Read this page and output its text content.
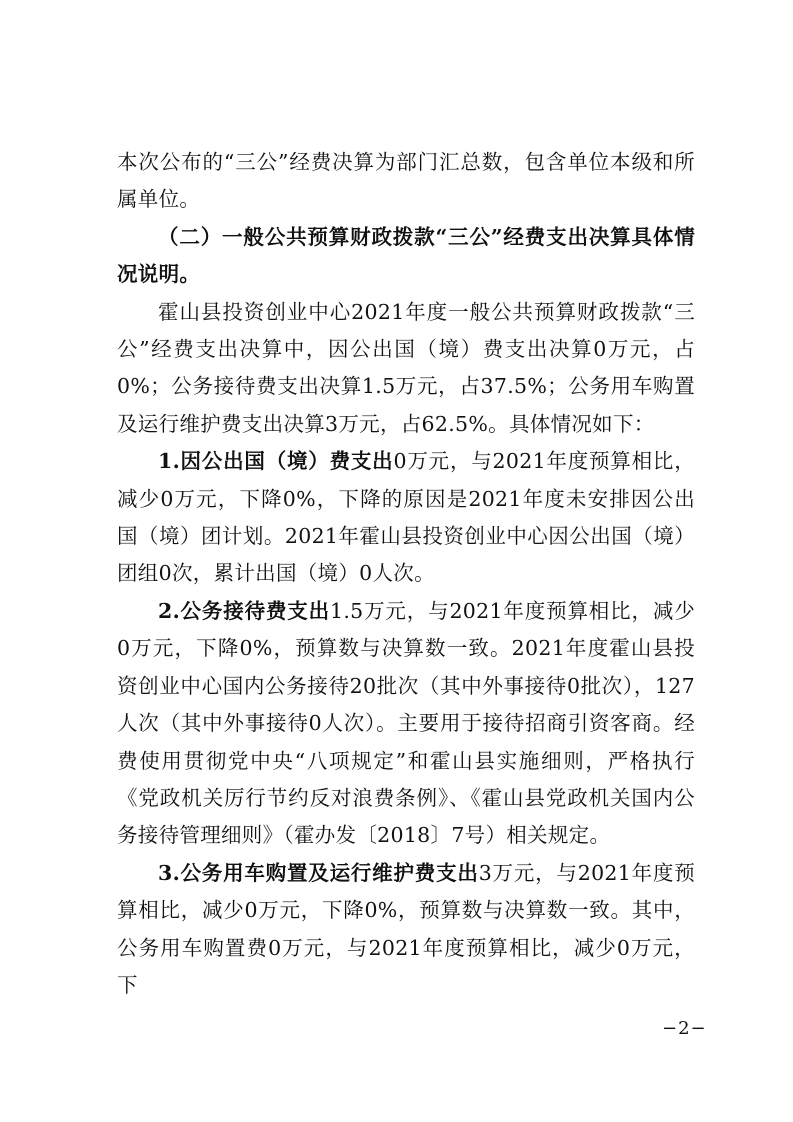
本次公布的“三公”经费决算为部门汇总数，包含单位本级和所属单位。

（二）一般公共预算财政拨款“三公”经费支出决算具体情况说明。

霍山县投资创业中心2021年度一般公共预算财政拨款“三公”经费支出决算中，因公出国（境）费支出决算0万元，占0%；公务接待费支出决算1.5万元，占37.5%；公务用车购置及运行维护费支出决算3万元，占62.5%。具体情况如下：

1.因公出国（境）费支出0万元，与2021年度预算相比，减少0万元，下降0%，下降的原因是2021年度未安排因公出国（境）团计划。2021年霍山县投资创业中心因公出国（境）团组0次，累计出国（境）0人次。

2.公务接待费支出1.5万元，与2021年度预算相比，减少0万元，下降0%，预算数与决算数一致。2021年度霍山县投资创业中心国内公务接待20批次（其中外事接待0批次），127人次（其中外事接待0人次）。主要用于接待招商引资客商。经费使用贯彻党中央“八项规定”和霍山县实施细则，严格执行《党政机关厉行节约反对浪费条例》、《霍山县党政机关国内公务接待管理细则》（霍办发〔2018〕7号）相关规定。

3.公务用车购置及运行维护费支出3万元，与2021年度预算相比，减少0万元，下降0%，预算数与决算数一致。其中，公务用车购置费0万元，与2021年度预算相比，减少0万元，下

−2−
